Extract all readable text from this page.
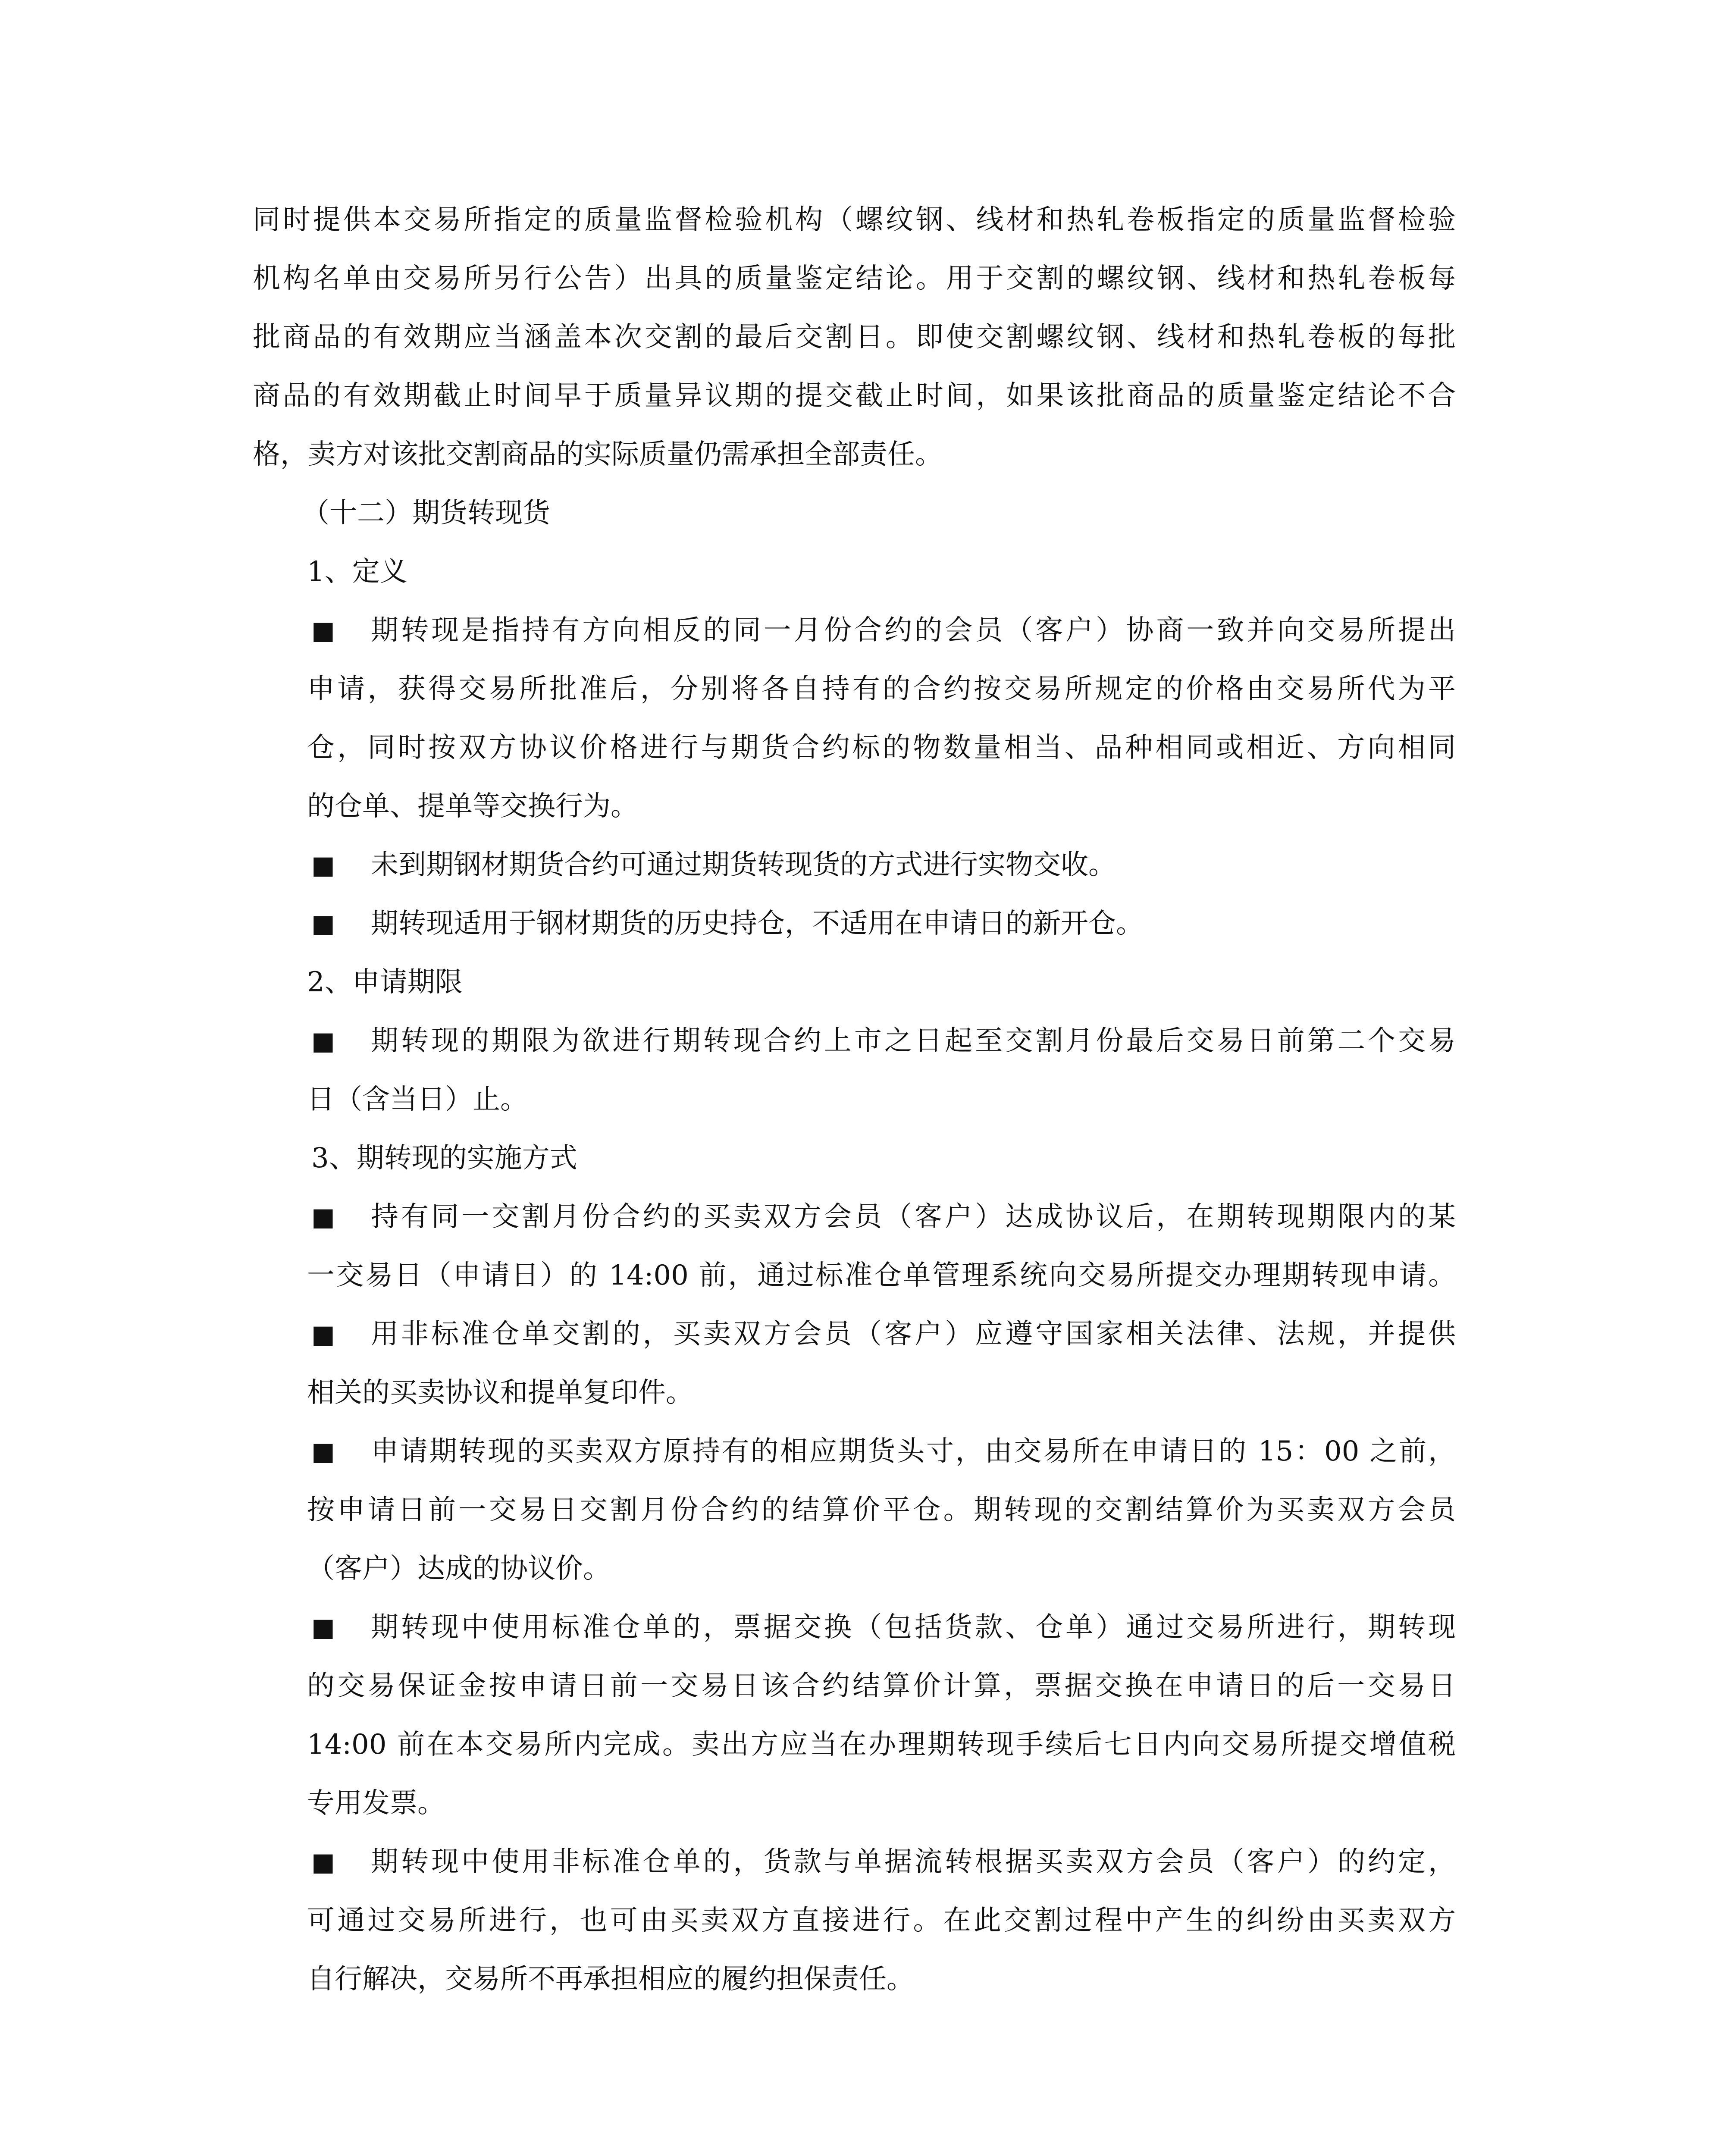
同时提供本交易所指定的质量监督检验机构（螺纹钢、线材和热轧卷板指定的质量监督检验

机构名单由交易所另行公告）出具的质量鉴定结论。用于交割的螺纹钢、线材和热轧卷板每

批商品的有效期应当涵盖本次交割的最后交割日。即使交割螺纹钢、线材和热轧卷板的每批

商品的有效期截止时间早于质量异议期的提交截止时间，如果该批商品的质量鉴定结论不合

格，卖方对该批交割商品的实际质量仍需承担全部责任。

（十二）期货转现货

1、定义

■ 期转现是指持有方向相反的同一月份合约的会员（客户）协商一致并向交易所提出

申请，获得交易所批准后，分别将各自持有的合约按交易所规定的价格由交易所代为平

仓，同时按双方协议价格进行与期货合约标的物数量相当、品种相同或相近、方向相同

的仓单、提单等交换行为。

■ 未到期钢材期货合约可通过期货转现货的方式进行实物交收。

■ 期转现适用于钢材期货的历史持仓，不适用在申请日的新开仓。

2、申请期限

■ 期转现的期限为欲进行期转现合约上市之日起至交割月份最后交易日前第二个交易

日（含当日）止。

3、期转现的实施方式

■ 持有同一交割月份合约的买卖双方会员（客户）达成协议后，在期转现期限内的某

一交易日（申请日）的 14:00 前，通过标准仓单管理系统向交易所提交办理期转现申请。

■ 用非标准仓单交割的，买卖双方会员（客户）应遵守国家相关法律、法规，并提供

相关的买卖协议和提单复印件。

■ 申请期转现的买卖双方原持有的相应期货头寸，由交易所在申请日的 15：00 之前，

按申请日前一交易日交割月份合约的结算价平仓。期转现的交割结算价为买卖双方会员

（客户）达成的协议价。

■ 期转现中使用标准仓单的，票据交换（包括货款、仓单）通过交易所进行，期转现

的交易保证金按申请日前一交易日该合约结算价计算，票据交换在申请日的后一交易日

14:00 前在本交易所内完成。卖出方应当在办理期转现手续后七日内向交易所提交增值税

专用发票。

■ 期转现中使用非标准仓单的，货款与单据流转根据买卖双方会员（客户）的约定，

可通过交易所进行，也可由买卖双方直接进行。在此交割过程中产生的纠纷由买卖双方

自行解决，交易所不再承担相应的履约担保责任。
